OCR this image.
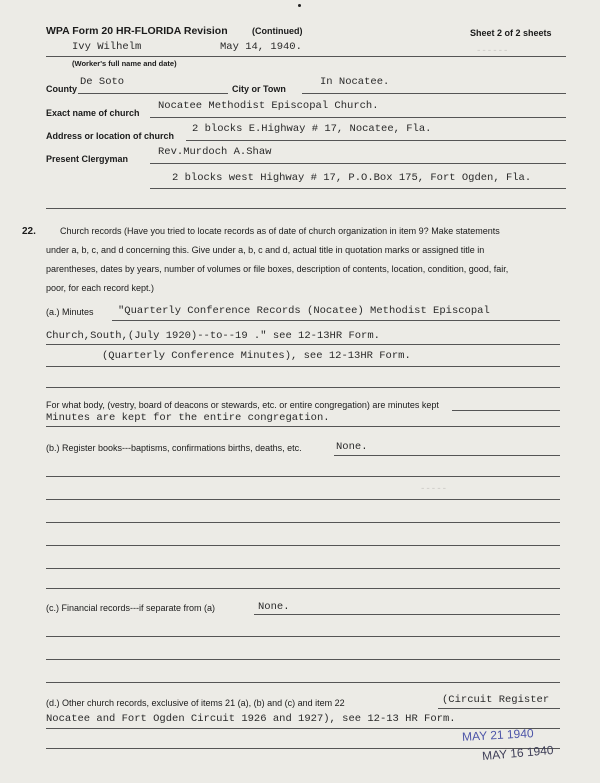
WPA Form 20 HR-FLORIDA Revision	(Continued)	Sheet 2 of 2 sheets
Ivy Wilhelm	May 14, 1940.
(Worker's full name and date)
County
De Soto
City or Town
In Nocatee.
Exact name of church
Nocatee Methodist Episcopal Church.
Address or location of church
2 blocks E.Highway # 17, Nocatee, Fla.
Present Clergyman
Rev.Murdoch A.Shaw
2 blocks west Highway # 17, P.O.Box 175, Fort Ogden, Fla.
------
-----
22.	Church records (Have you tried to locate records as of date of church organization in item 9? Make statements
under a, b, c, and d concerning this. Give under a, b, c and d, actual title in quotation marks or assigned title in
parentheses, dates by years, number of volumes or file boxes, description of contents, location, condition, good, fair,
poor, for each record kept.)
(a.) Minutes "Quarterly Conference Records (Nocatee) Methodist Episcopal
Church,South,(July 1920)--to--19 ." see 12-13HR Form.
(Quarterly Conference Minutes), see 12-13HR Form.
For what body, (vestry, board of deacons or stewards, etc. or entire congregation) are minutes kept
Minutes are kept for the entire congregation.
(b.) Register books---baptisms, confirmations births, deaths, etc.	None.
(c.) Financial records---if separate from (a)	None.
(d.) Other church records, exclusive of items 21 (a), (b) and (c) and item 22	(Circuit Register
Nocatee and Fort Ogden Circuit 1926 and 1927), see 12-13 HR Form.
MAY 21 1940
MAY 16 1940
